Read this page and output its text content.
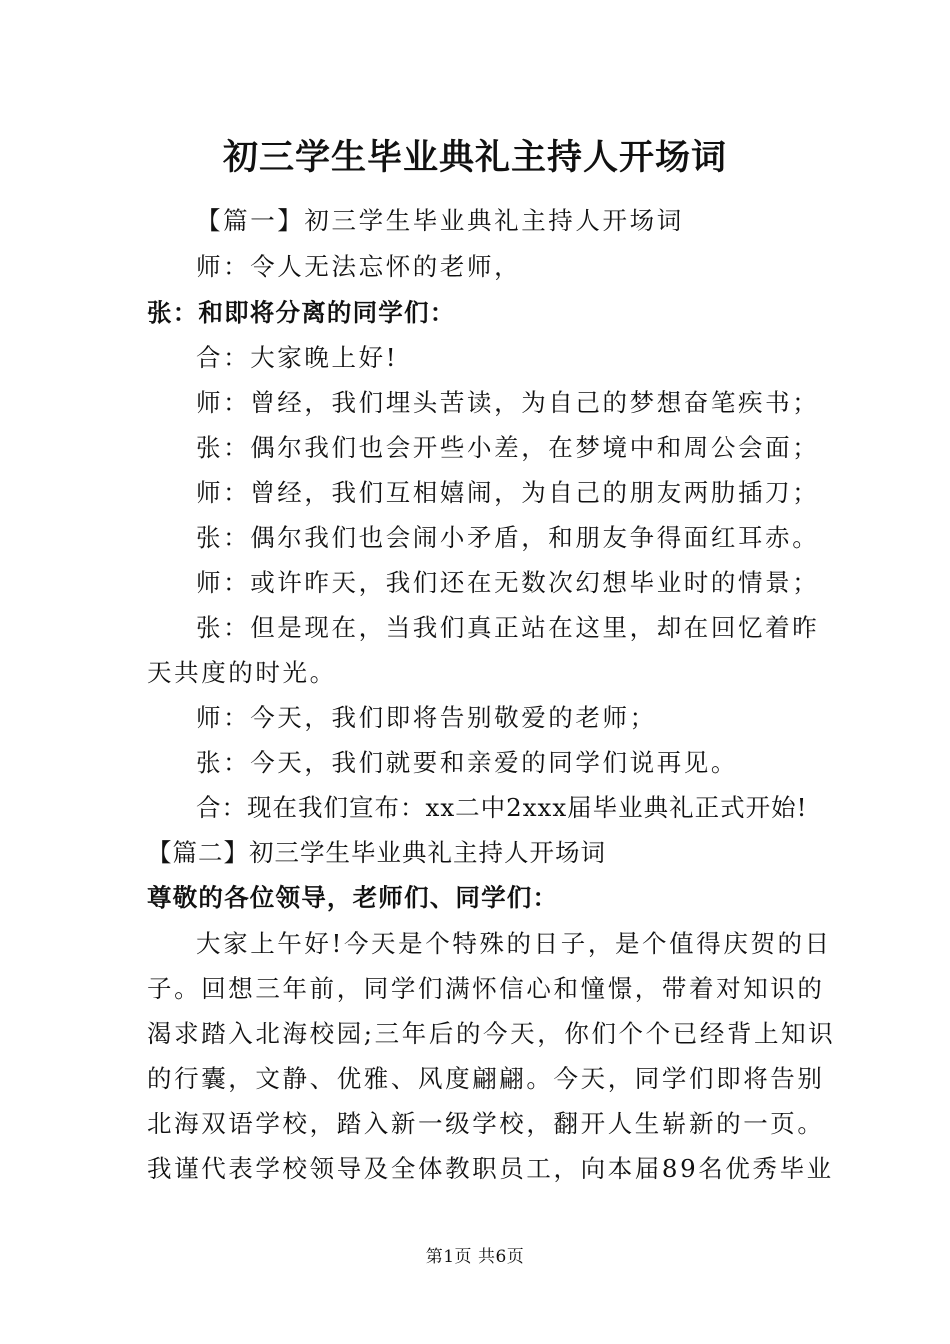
初三学生毕业典礼主持人开场词
【篇一】初三学生毕业典礼主持人开场词
师：令人无法忘怀的老师，
张：和即将分离的同学们：
合：大家晚上好!
师：曾经，我们埋头苦读，为自己的梦想奋笔疾书；
张：偶尔我们也会开些小差，在梦境中和周公会面；
师：曾经，我们互相嬉闹，为自己的朋友两肋插刀；
张：偶尔我们也会闹小矛盾，和朋友争得面红耳赤。
师：或许昨天，我们还在无数次幻想毕业时的情景；
张：但是现在，当我们真正站在这里，却在回忆着昨
天共度的时光。
师：今天，我们即将告别敬爱的老师；
张：今天，我们就要和亲爱的同学们说再见。
合：现在我们宣布：xx二中2xxx届毕业典礼正式开始!
【篇二】初三学生毕业典礼主持人开场词
尊敬的各位领导，老师们、同学们：
大家上午好!今天是个特殊的日子，是个值得庆贺的日
子。回想三年前，同学们满怀信心和憧憬，带着对知识的
渴求踏入北海校园;三年后的今天，你们个个已经背上知识
的行囊，文静、优雅、风度翩翩。今天，同学们即将告别
北海双语学校，踏入新一级学校，翻开人生崭新的一页。
我谨代表学校领导及全体教职员工，向本届89名优秀毕业
第1页 共6页
